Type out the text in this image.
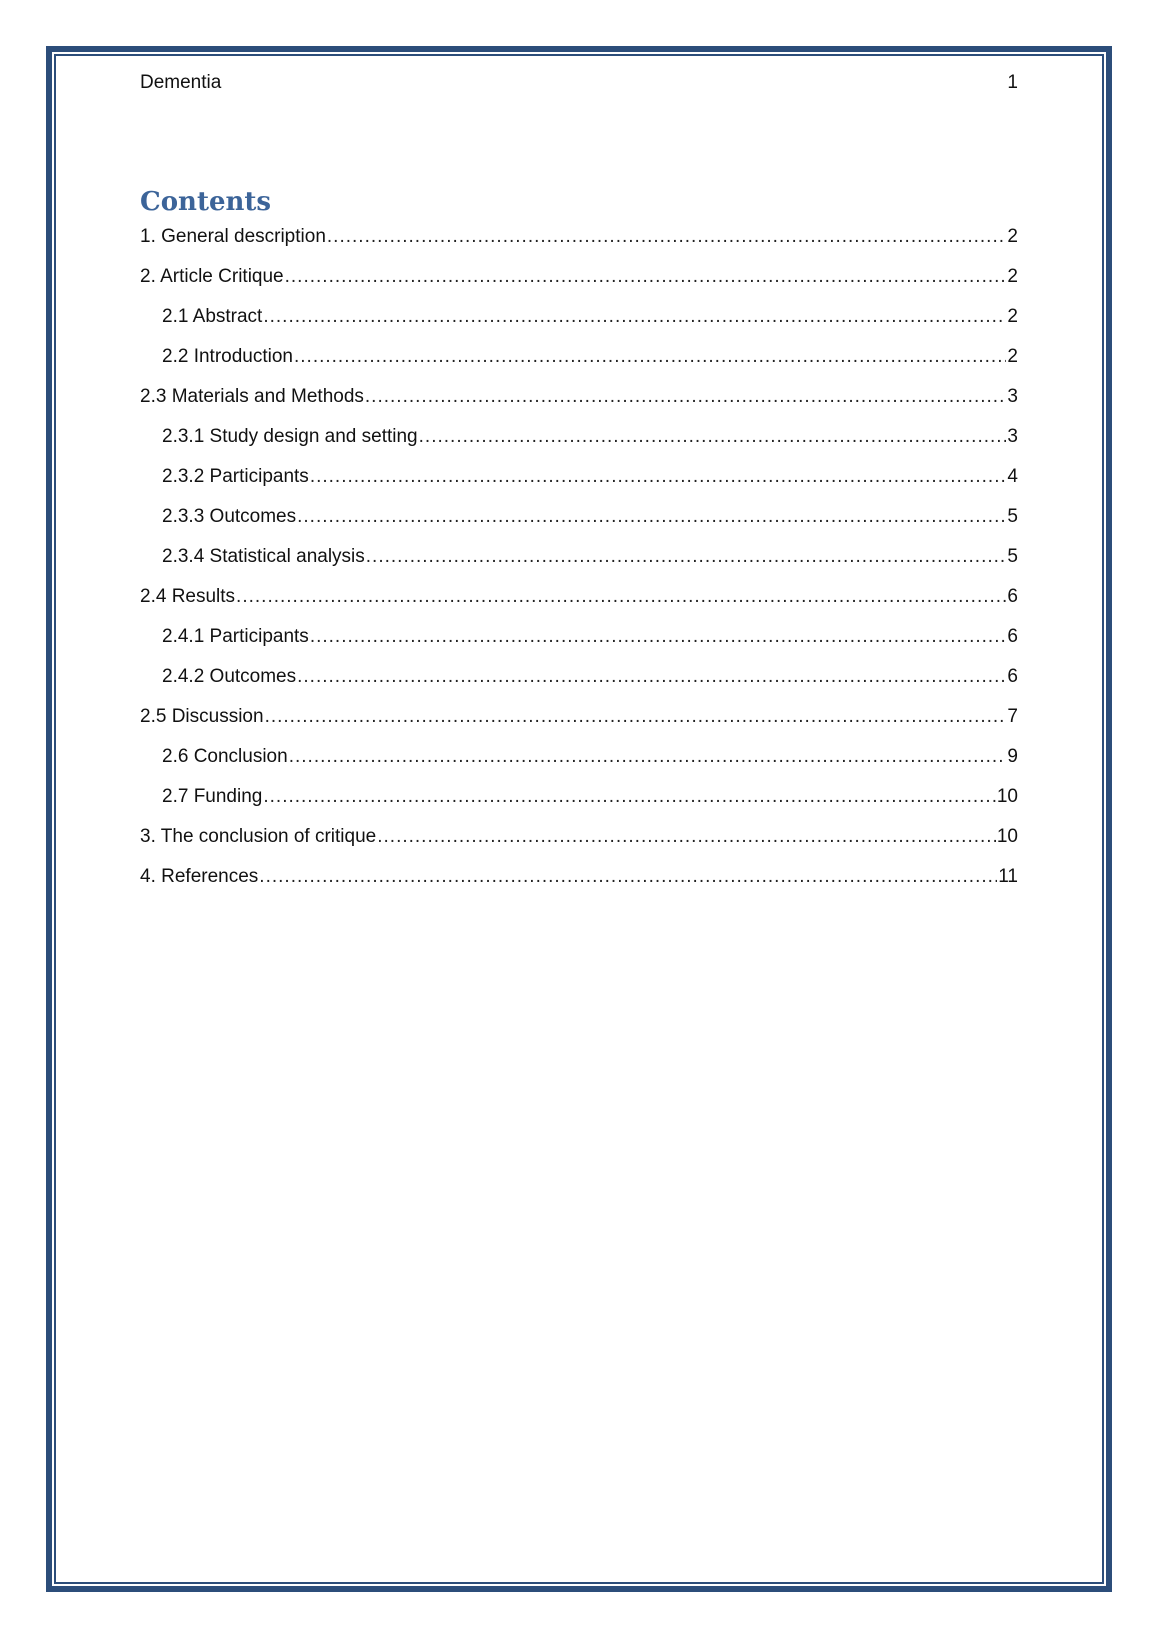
Dementia	1
Contents
1. General description .....	2
2. Article Critique .....	2
2.1 Abstract .....	2
2.2 Introduction .....	2
2.3 Materials and Methods .....	3
2.3.1 Study design and setting .....	3
2.3.2 Participants .....	4
2.3.3 Outcomes .....	5
2.3.4 Statistical analysis .....	5
2.4 Results .....	6
2.4.1 Participants .....	6
2.4.2 Outcomes .....	6
2.5 Discussion .....	7
2.6 Conclusion .....	9
2.7 Funding .....	10
3. The conclusion of critique .....	10
4. References .....	11
